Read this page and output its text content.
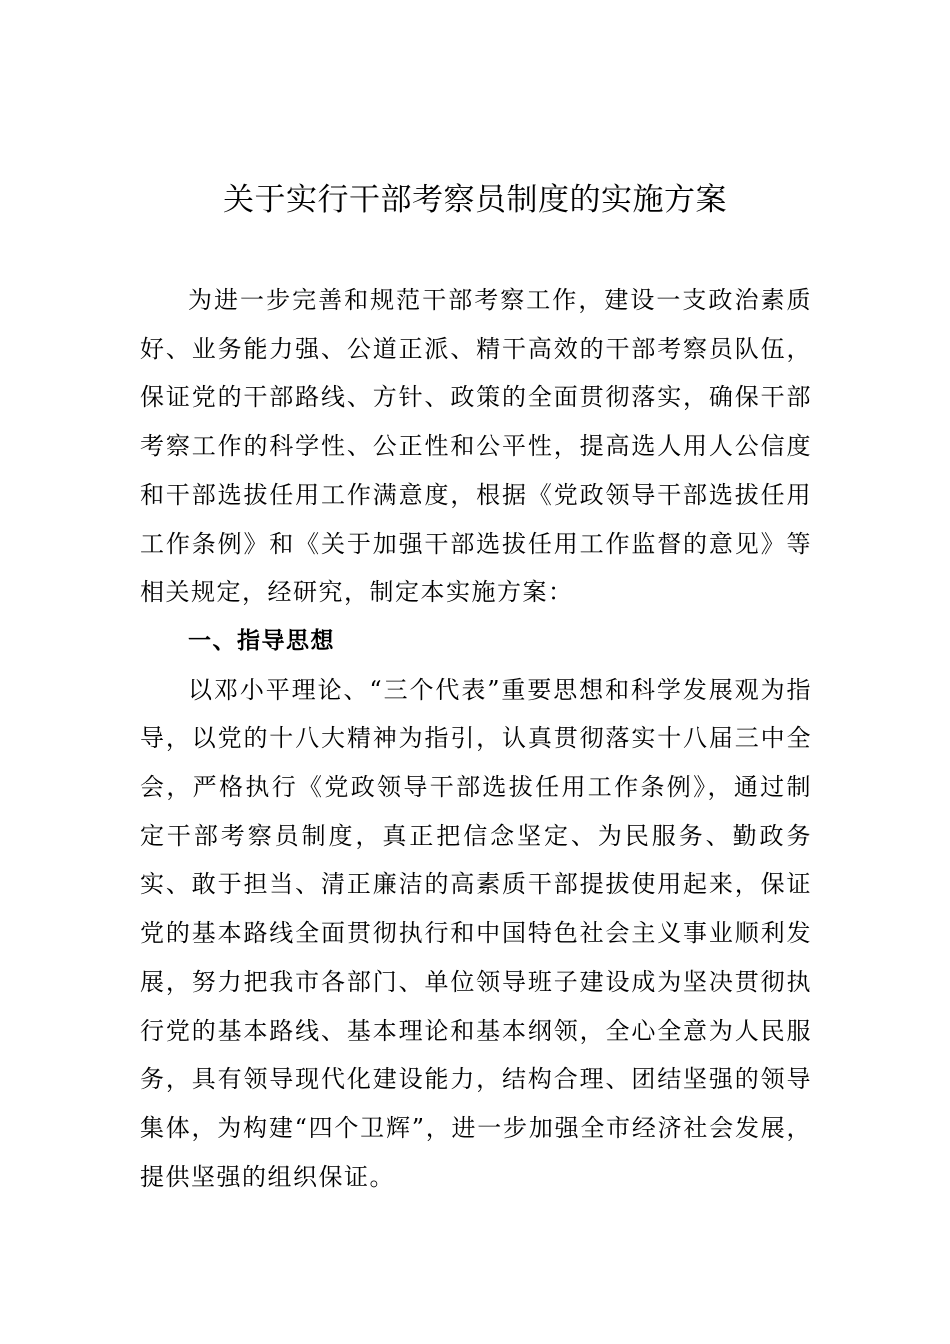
关于实行干部考察员制度的实施方案

为进一步完善和规范干部考察工作，建设一支政治素质好、业务能力强、公道正派、精干高效的干部考察员队伍，保证党的干部路线、方针、政策的全面贯彻落实，确保干部考察工作的科学性、公正性和公平性，提高选人用人公信度和干部选拔任用工作满意度，根据《党政领导干部选拔任用工作条例》和《关于加强干部选拔任用工作监督的意见》等相关规定，经研究，制定本实施方案：

一、指导思想

以邓小平理论、“三个代表”重要思想和科学发展观为指导，以党的十八大精神为指引，认真贯彻落实十八届三中全会，严格执行《党政领导干部选拔任用工作条例》，通过制定干部考察员制度，真正把信念坚定、为民服务、勤政务实、敢于担当、清正廉洁的高素质干部提拔使用起来，保证党的基本路线全面贯彻执行和中国特色社会主义事业顺利发展，努力把我市各部门、单位领导班子建设成为坚决贯彻执行党的基本路线、基本理论和基本纲领，全心全意为人民服务，具有领导现代化建设能力，结构合理、团结坚强的领导集体，为构建“四个卫辉”，进一步加强全市经济社会发展，提供坚强的组织保证。
